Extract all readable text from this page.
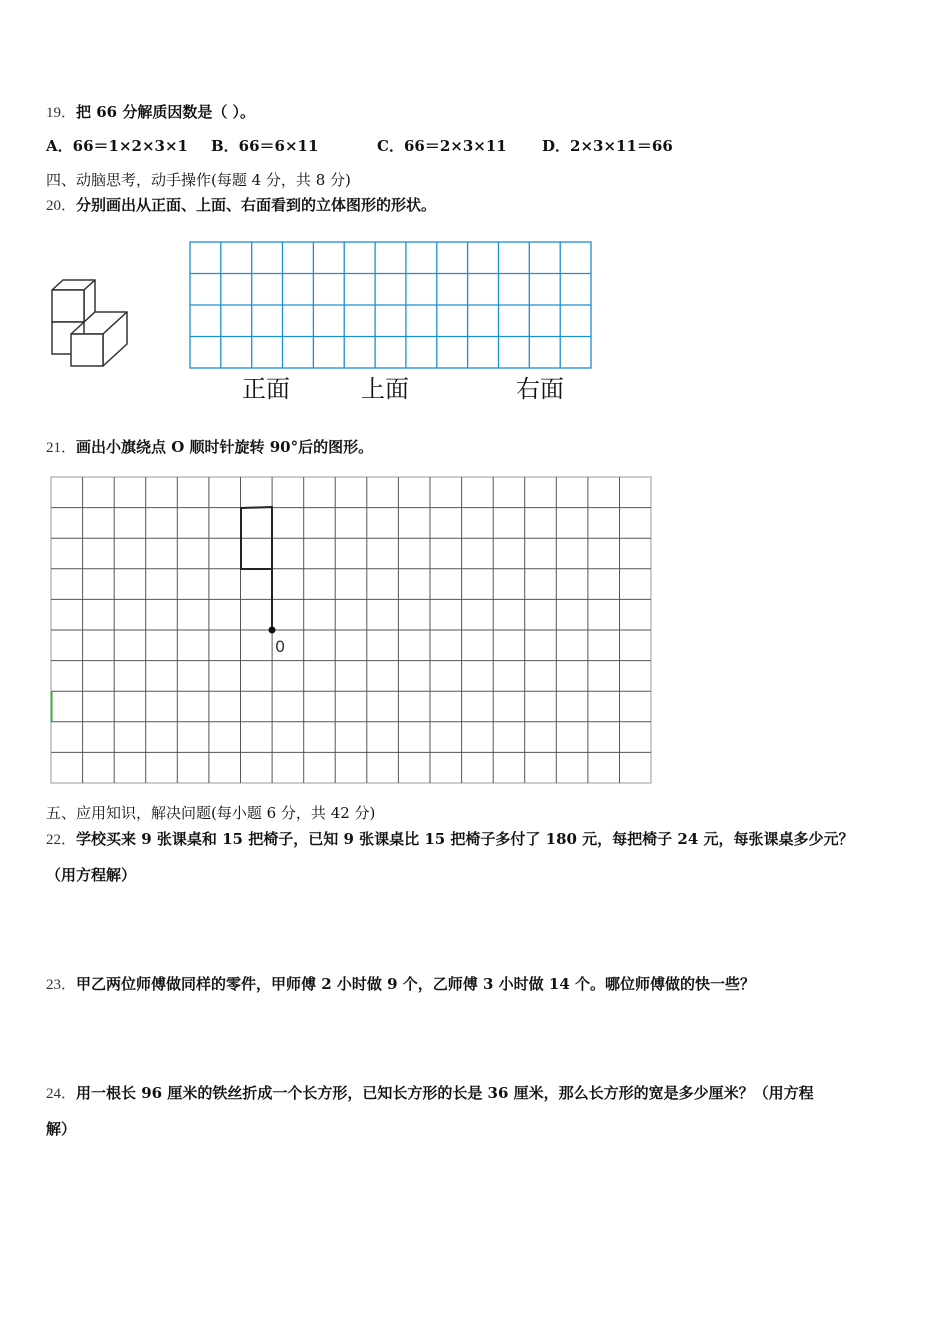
19．把 66 分解质因数是（ ）。
A．66＝1×2×3×1 B．66＝6×11	C．66＝2×3×11 D．2×3×11＝66
四、动脑思考，动手操作(每题 4 分，共 8 分)
20．分别画出从正面、上面、右面看到的立体图形的形状。
正面	上面	右面
21．画出小旗绕点 O 顺时针旋转 90°后的图形。
0
五、应用知识，解决问题(每小题 6 分，共 42 分)
22．学校买来 9 张课桌和 15 把椅子，已知 9 张课桌比 15 把椅子多付了 180 元，每把椅子 24 元，每张课桌多少元？
（用方程解）
23．甲乙两位师傅做同样的零件，甲师傅 2 小时做 9 个，乙师傅 3 小时做 14 个。哪位师傅做的快一些？
24．用一根长 96 厘米的铁丝折成一个长方形，已知长方形的长是 36 厘米，那么长方形的宽是多少厘米？（用方程
解）
